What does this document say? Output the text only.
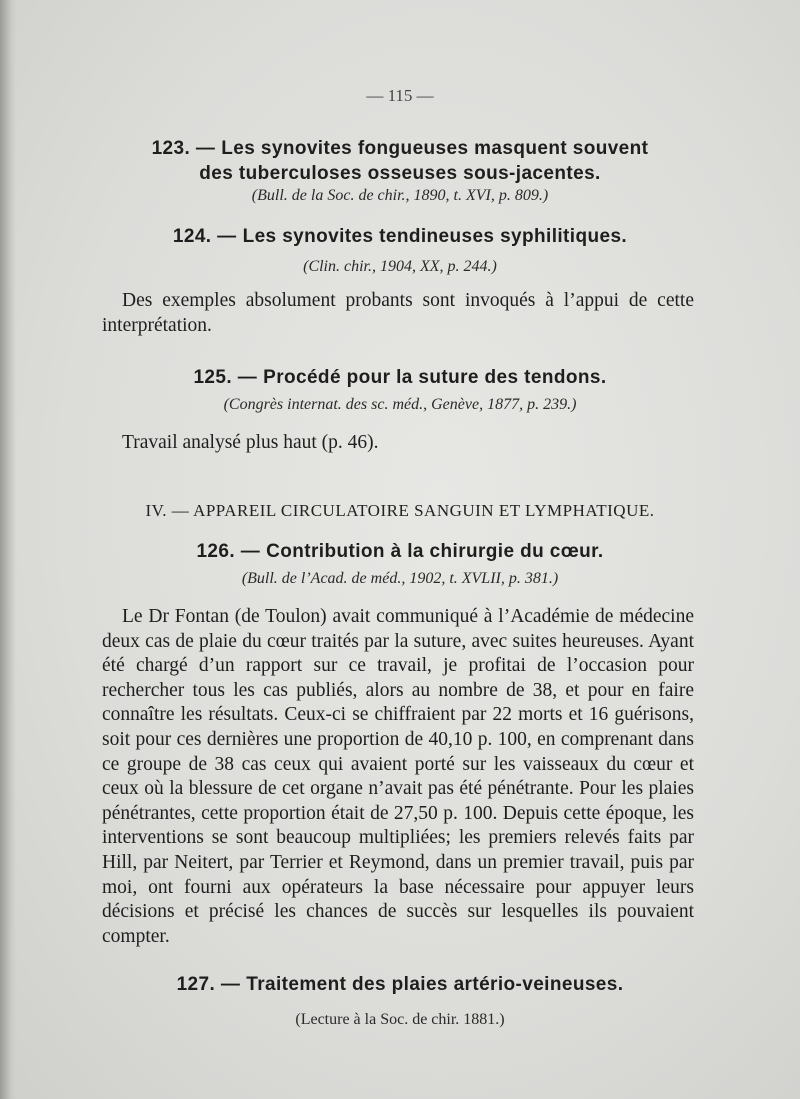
— 115 —
123. — Les synovites fongueuses masquent souvent
des tuberculoses osseuses sous-jacentes.
(Bull. de la Soc. de chir., 1890, t. XVI, p. 809.)
124. — Les synovites tendineuses syphilitiques.
(Clin. chir., 1904, XX, p. 244.)
Des exemples absolument probants sont invoqués à l’appui de cette interprétation.
125. — Procédé pour la suture des tendons.
(Congrès internat. des sc. méd., Genève, 1877, p. 239.)
Travail analysé plus haut (p. 46).
IV. — APPAREIL CIRCULATOIRE SANGUIN ET LYMPHATIQUE.
126. — Contribution à la chirurgie du cœur.
(Bull. de l’Acad. de méd., 1902, t. XVLII, p. 381.)
Le Dr Fontan (de Toulon) avait communiqué à l’Académie de médecine deux cas de plaie du cœur traités par la suture, avec suites heureuses. Ayant été chargé d’un rapport sur ce travail, je profitai de l’occasion pour rechercher tous les cas publiés, alors au nombre de 38, et pour en faire connaître les résultats. Ceux-ci se chiffraient par 22 morts et 16 guérisons, soit pour ces dernières une proportion de 40,10 p. 100, en comprenant dans ce groupe de 38 cas ceux qui avaient porté sur les vaisseaux du cœur et ceux où la blessure de cet organe n’avait pas été pénétrante. Pour les plaies pénétrantes, cette proportion était de 27,50 p. 100. Depuis cette époque, les interventions se sont beaucoup multipliées; les premiers relevés faits par Hill, par Neitert, par Terrier et Reymond, dans un premier travail, puis par moi, ont fourni aux opérateurs la base nécessaire pour appuyer leurs décisions et précisé les chances de succès sur lesquelles ils pouvaient compter.
127. — Traitement des plaies artério-veineuses.
(Lecture à la Soc. de chir. 1881.)
